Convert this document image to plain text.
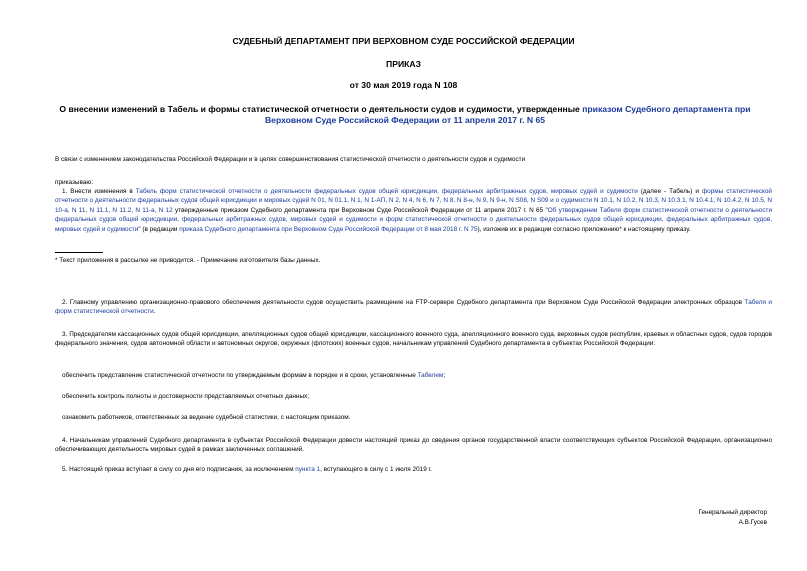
СУДЕБНЫЙ ДЕПАРТАМЕНТ ПРИ ВЕРХОВНОМ СУДЕ РОССИЙСКОЙ ФЕДЕРАЦИИ
ПРИКАЗ
от 30 мая 2019 года N 108
О внесении изменений в Табель и формы статистической отчетности о деятельности судов и судимости, утвержденные приказом Судебного департамента при Верховном Суде Российской Федерации от 11 апреля 2017 г. N 65
В связи с изменением законодательства Российской Федерации и в целях совершенствования статистической отчетности о деятельности судов и судимости
приказываю:
1. Внести изменения в Табель форм статистической отчетности о деятельности федеральных судов общей юрисдикции, федеральных арбитражных судов, мировых судей и судимости (далее - Табель) и формы статистической отчетности о деятельности федеральных судов общей юрисдикции и мировых судей N 01, N 01.1, N 1, N 1-АП, N 2, N 4, N 6, N 7, N 8, N 8-н, N 9, N 9-н, N S08, N S09 и о судимости N 10.1, N 10.2, N 10.3, N 10.3.1, N 10.4.1, N 10.4.2, N 10.5, N 10-а, N 11, N 11.1, N 11.2, N 11-а, N 12 утвержденные приказом Судебного департамента при Верховном Суде Российской Федерации от 11 апреля 2017 г. N 65 "Об утверждении Табеля форм статистической отчетности о деятельности федеральных судов общей юрисдикции, федеральных арбитражных судов, мировых судей и судимости и форм статистической отчетности о деятельности федеральных судов общей юрисдикции, федеральных арбитражных судов, мировых судей и судимости" (в редакции приказа Судебного департамента при Верховном Суде Российской Федерации от 8 мая 2018 г. N 75), изложив их в редакции согласно приложению* к настоящему приказу.
* Текст приложения в рассылке не приводится. - Примечание изготовителя базы данных.
2. Главному управлению организационно-правового обеспечения деятельности судов осуществить размещение на FTP-сервере Судебного департамента при Верховном Суде Российской Федерации электронных образцов Табеля и форм статистической отчетности.
3. Председателям кассационных судов общей юрисдикции, апелляционных судов общей юрисдикции, кассационного военного суда, апелляционного военного суда, верховных судов республик, краевых и областных судов, судов городов федерального значения, судов автономной области и автономных округов, окружных (флотских) военных судов, начальникам управлений Судебного департамента в субъектах Российской Федерации:
обеспечить представление статистической отчетности по утверждаемым формам в порядке и в сроки, установленные Табелем;
обеспечить контроль полноты и достоверности представляемых отчетных данных;
ознакомить работников, ответственных за ведение судебной статистики, с настоящим приказом.
4. Начальникам управлений Судебного департамента в субъектах Российской Федерации довести настоящий приказ до сведения органов государственной власти соответствующих субъектов Российской Федерации, организационно обеспечивающих деятельность мировых судей в рамках заключенных соглашений.
5. Настоящий приказ вступает в силу со дня его подписания, за исключением пункта 1, вступающего в силу с 1 июля 2019 г.
Генеральный директор
А.В.Гусев
